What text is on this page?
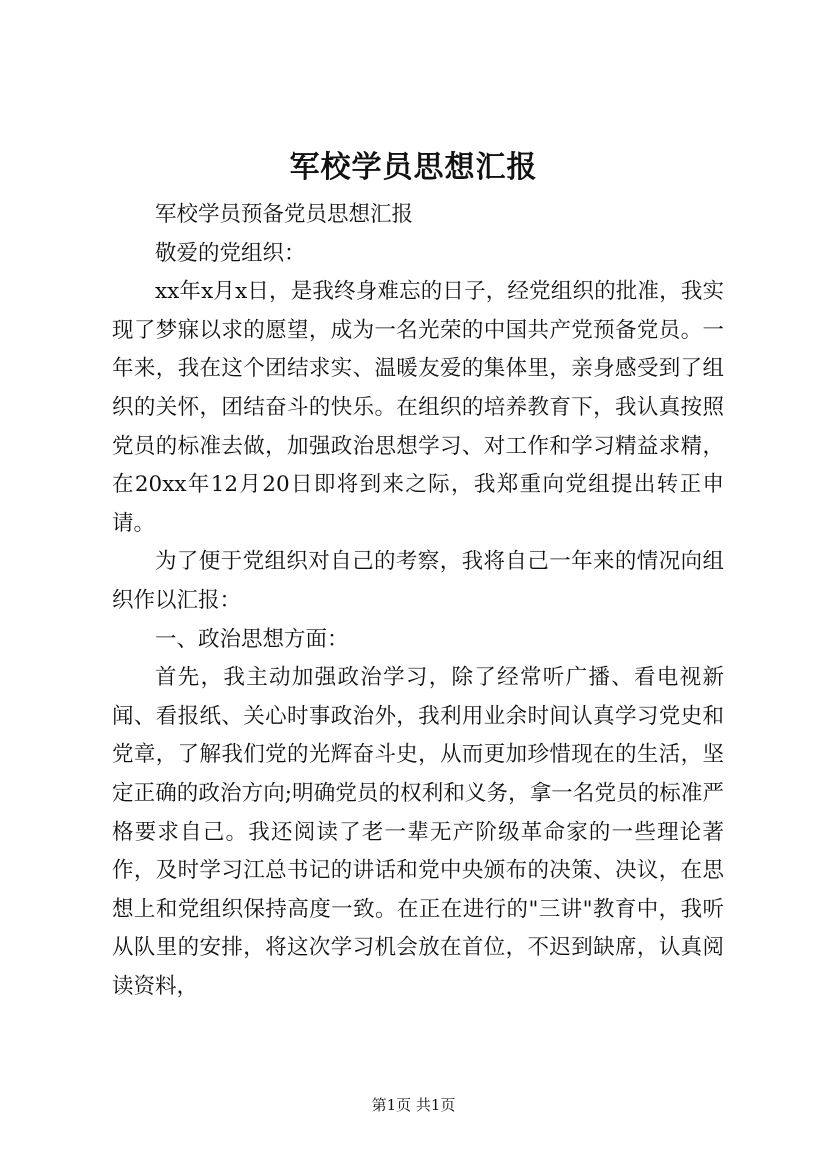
军校学员思想汇报

军校学员预备党员思想汇报

敬爱的党组织：

xx年x月x日，是我终身难忘的日子，经党组织的批准，我实现了梦寐以求的愿望，成为一名光荣的中国共产党预备党员。一年来，我在这个团结求实、温暖友爱的集体里，亲身感受到了组织的关怀，团结奋斗的快乐。在组织的培养教育下，我认真按照党员的标准去做，加强政治思想学习、对工作和学习精益求精，在20xx年12月20日即将到来之际，我郑重向党组提出转正申请。

为了便于党组织对自己的考察，我将自己一年来的情况向组织作以汇报：

一、政治思想方面：

首先，我主动加强政治学习，除了经常听广播、看电视新闻、看报纸、关心时事政治外，我利用业余时间认真学习党史和党章，了解我们党的光辉奋斗史，从而更加珍惜现在的生活，坚定正确的政治方向;明确党员的权利和义务，拿一名党员的标准严格要求自己。我还阅读了老一辈无产阶级革命家的一些理论著作，及时学习江总书记的讲话和党中央颁布的决策、决议，在思想上和党组织保持高度一致。在正在进行的"三讲"教育中，我听从队里的安排，将这次学习机会放在首位，不迟到缺席，认真阅读资料，

第1页 共1页
